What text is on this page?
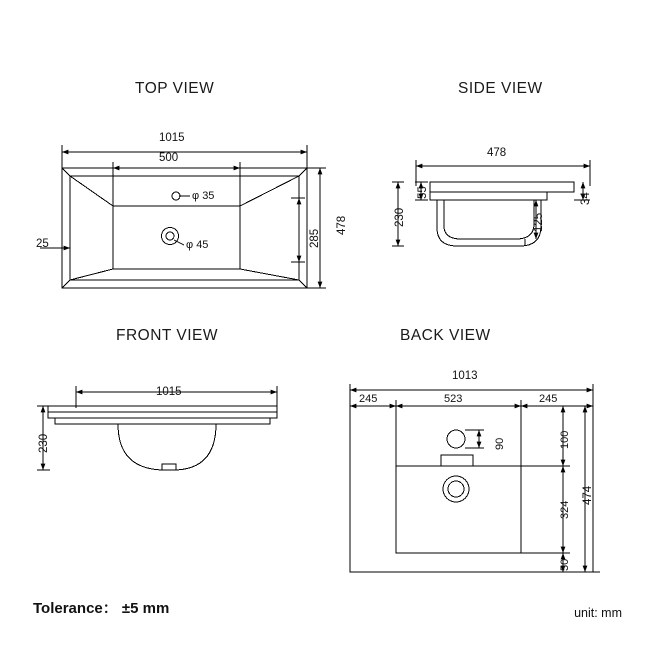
TOP VIEW	SIDE VIEW
FRONT VIEW	BACK VIEW
1015
500
478
285
25
φ 35
φ 45
478
230
55
125
34
1015
230
1013
245	523	245
90	100
324
50
474
Tolerance： ±5 mm	unit: mm
